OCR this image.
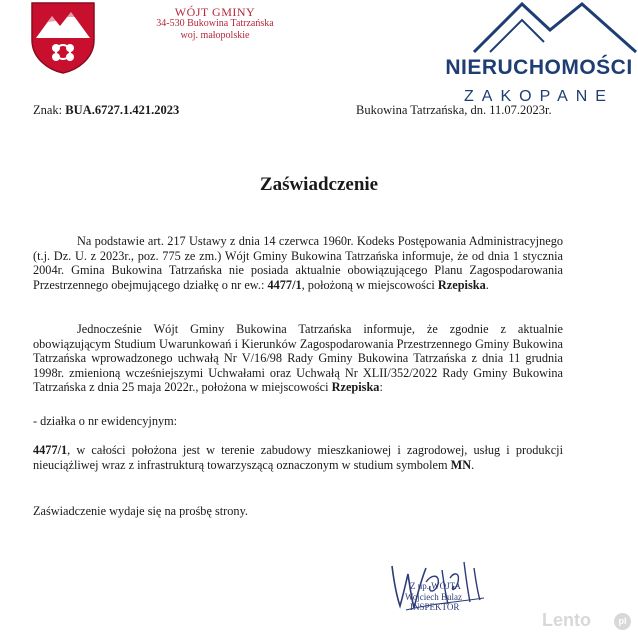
WÓJT GMINY
34-530 Bukowina Tatrzańska
woj. małopolskie
NIERUCHOMOŚCI
ZAKOPANE
Znak: BUA.6727.1.421.2023	Bukowina Tatrzańska, dn. 11.07.2023r.
Zaświadczenie
Na podstawie art. 217 Ustawy z dnia 14 czerwca 1960r. Kodeks Postępowania Administracyjnego (t.j. Dz. U. z 2023r., poz. 775 ze zm.) Wójt Gminy Bukowina Tatrzańska informuje, że od dnia 1 stycznia 2004r. Gmina Bukowina Tatrzańska nie posiada aktualnie obowiązującego Planu Zagospodarowania Przestrzennego obejmującego działkę o nr ew.: 4477/1, położoną w miejscowości Rzepiska.
Jednocześnie Wójt Gminy Bukowina Tatrzańska informuje, że zgodnie z aktualnie obowiązującym Studium Uwarunkowań i Kierunków Zagospodarowania Przestrzennego Gminy Bukowina Tatrzańska wprowadzonego uchwałą Nr V/16/98 Rady Gminy Bukowina Tatrzańska z dnia 11 grudnia 1998r. zmienioną wcześniejszymi Uchwałami oraz Uchwałą Nr XLII/352/2022 Rady Gminy Bukowina Tatrzańska z dnia 25 maja 2022r., położona w miejscowości Rzepiska:
- działka o nr ewidencyjnym:
4477/1, w całości położona jest w terenie zabudowy mieszkaniowej i zagrodowej, usług i produkcji nieuciążliwej wraz z infrastrukturą towarzyszącą oznaczonym w studium symbolem MN.
Zaświadczenie wydaje się na prośbę strony.
Z up. WÓJTA
Wojciech Bulaz
INSPEKTOR
Lento	pl
